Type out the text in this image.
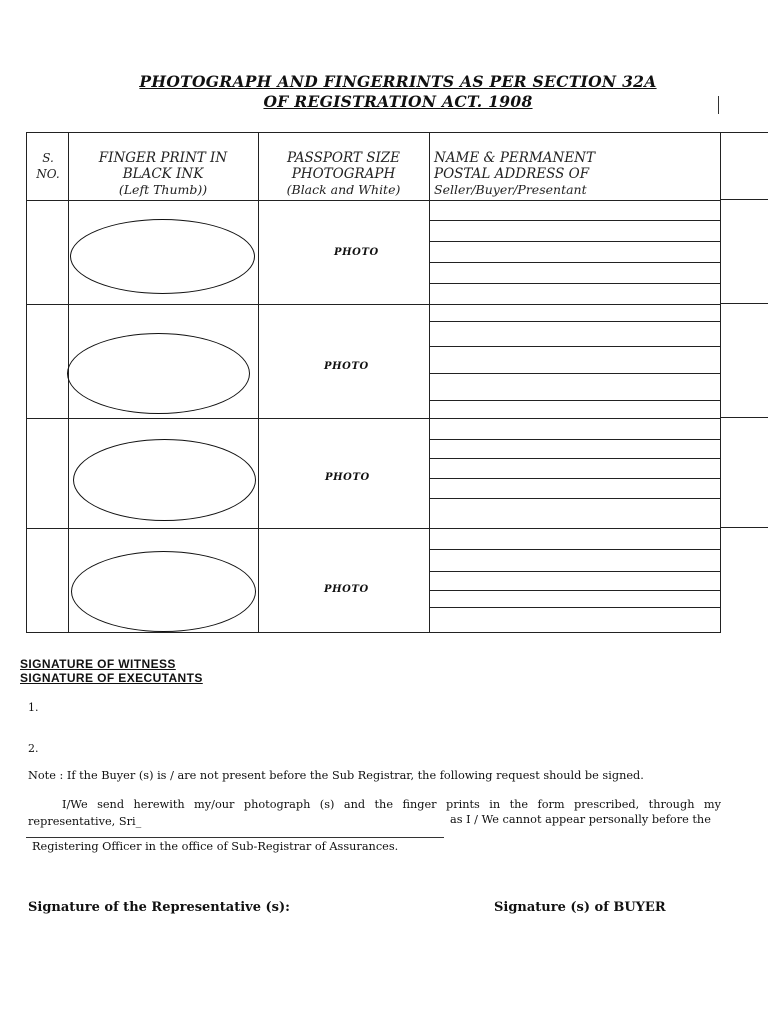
PHOTOGRAPH AND FINGERRINTS AS PER SECTION 32A
OF REGISTRATION ACT. 1908
S.
NO.
FINGER PRINT IN
BLACK INK
(Left Thumb))
PASSPORT SIZE
PHOTOGRAPH
(Black and White)
NAME & PERMANENT
POSTAL ADDRESS OF
Seller/Buyer/Presentant
PHOTO
PHOTO
PHOTO
PHOTO
SIGNATURE OF WITNESS
SIGNATURE OF EXECUTANTS
1.
2.
Note : If the Buyer (s) is / are not present before the Sub Registrar, the following request should be signed.
I/We send herewith my/our photograph (s) and the finger prints in the form prescribed, through my representative, Sri_	as I / We cannot appear personally before the
Registering Officer in the office of Sub-Registrar of Assurances.
Signature of the Representative (s):	Signature (s) of BUYER
